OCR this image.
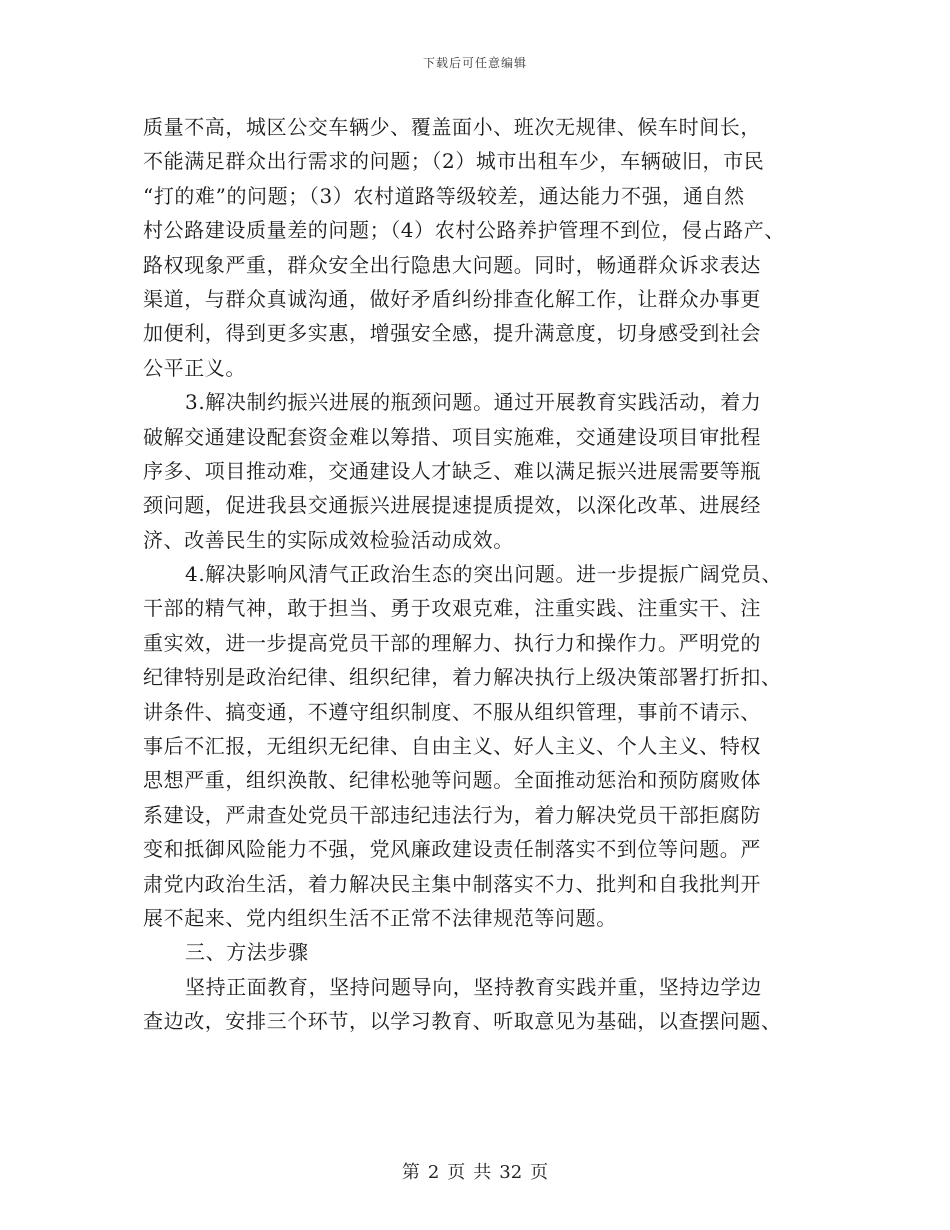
下载后可任意编辑
质量不高，城区公交车辆少、覆盖面小、班次无规律、候车时间长，
不能满足群众出行需求的问题；（2）城市出租车少，车辆破旧，市民
“打的难”的问题；（3）农村道路等级较差，通达能力不强，通自然
村公路建设质量差的问题；（4）农村公路养护管理不到位，侵占路产、
路权现象严重，群众安全出行隐患大问题。同时，畅通群众诉求表达
渠道，与群众真诚沟通，做好矛盾纠纷排查化解工作，让群众办事更
加便利，得到更多实惠，增强安全感，提升满意度，切身感受到社会
公平正义。
3.解决制约振兴进展的瓶颈问题。通过开展教育实践活动，着力
破解交通建设配套资金难以筹措、项目实施难，交通建设项目审批程
序多、项目推动难，交通建设人才缺乏、难以满足振兴进展需要等瓶
颈问题，促进我县交通振兴进展提速提质提效，以深化改革、进展经
济、改善民生的实际成效检验活动成效。
4.解决影响风清气正政治生态的突出问题。进一步提振广阔党员、
干部的精气神，敢于担当、勇于攻艰克难，注重实践、注重实干、注
重实效，进一步提高党员干部的理解力、执行力和操作力。严明党的
纪律特别是政治纪律、组织纪律，着力解决执行上级决策部署打折扣、
讲条件、搞变通，不遵守组织制度、不服从组织管理，事前不请示、
事后不汇报，无组织无纪律、自由主义、好人主义、个人主义、特权
思想严重，组织涣散、纪律松驰等问题。全面推动惩治和预防腐败体
系建设，严肃查处党员干部违纪违法行为，着力解决党员干部拒腐防
变和抵御风险能力不强，党风廉政建设责任制落实不到位等问题。严
肃党内政治生活，着力解决民主集中制落实不力、批判和自我批判开
展不起来、党内组织生活不正常不法律规范等问题。
三、方法步骤
坚持正面教育，坚持问题导向，坚持教育实践并重，坚持边学边
查边改，安排三个环节，以学习教育、听取意见为基础，以查摆问题、
第 2 页 共 32 页
